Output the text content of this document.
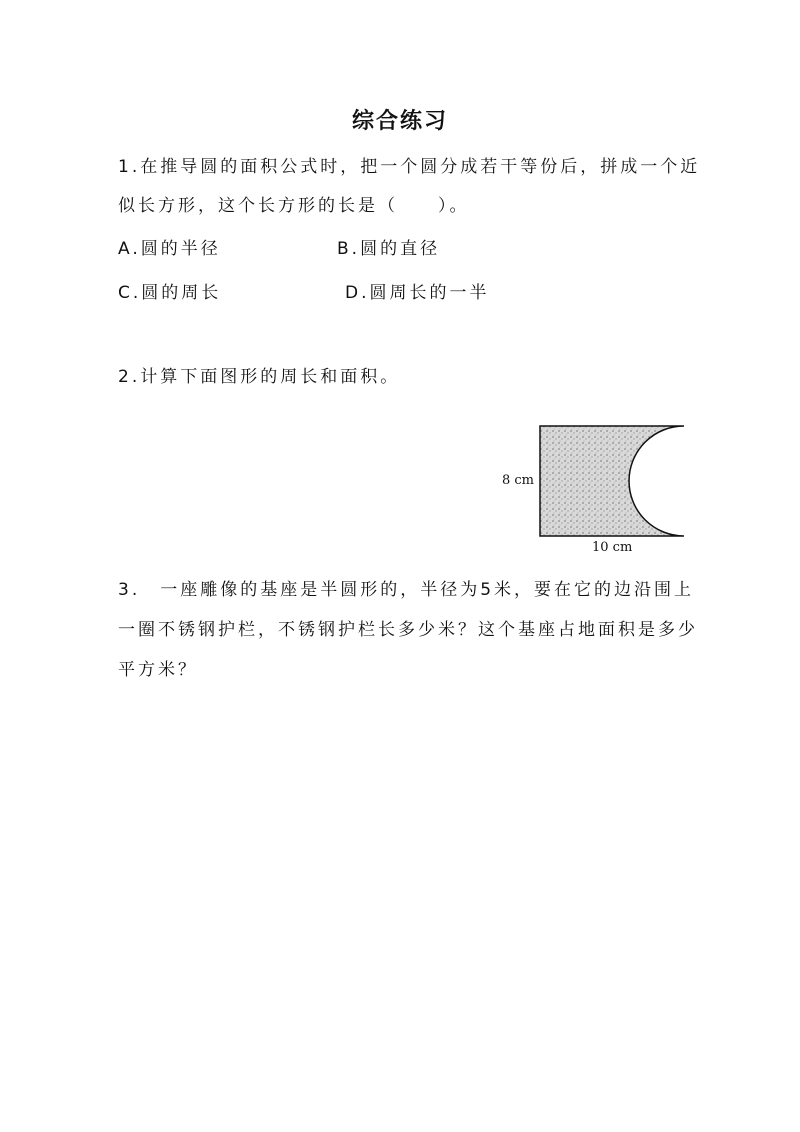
综合练习
1.在推导圆的面积公式时，把一个圆分成若干等份后，拼成一个近
似长方形，这个长方形的长是（　　）。
A.圆的半径	B.圆的直径
C.圆的周长	D.圆周长的一半
2.计算下面图形的周长和面积。
8 cm
10 cm
3.　一座雕像的基座是半圆形的，半径为5米，要在它的边沿围上
一圈不锈钢护栏，不锈钢护栏长多少米？这个基座占地面积是多少
平方米？
